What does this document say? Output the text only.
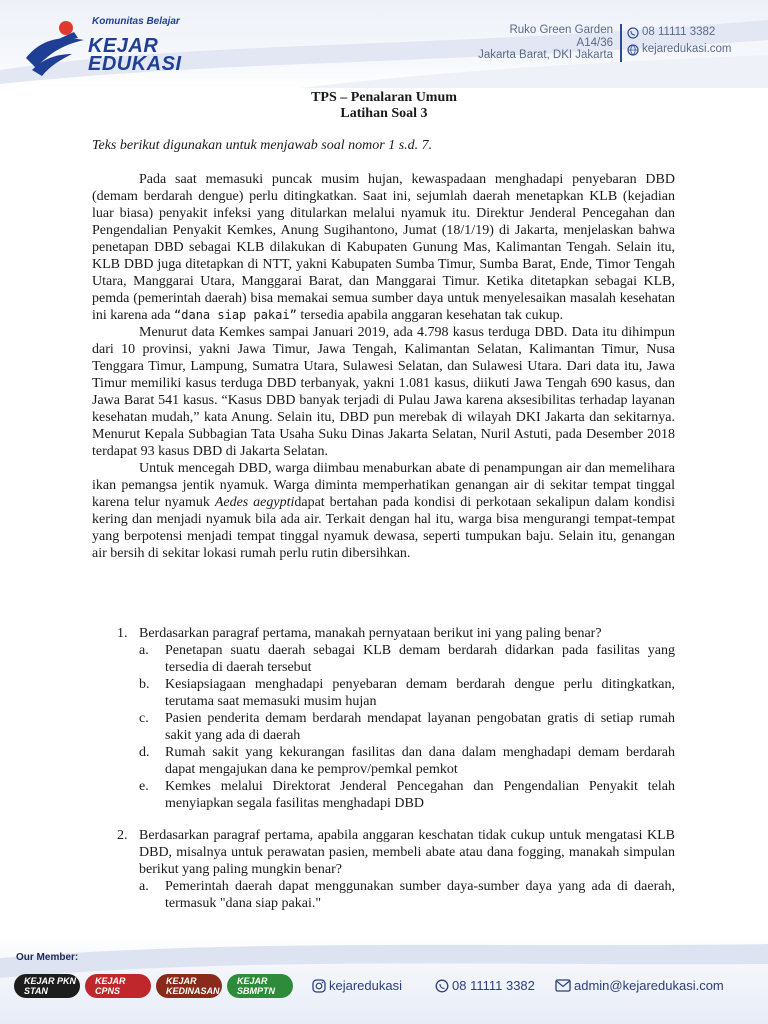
Komunitas Belajar
KEJAR
EDUKASI
Ruko Green Garden
A14/36
Jakarta Barat, DKI Jakarta
08 11111 3382
kejaredukasi.com
TPS – Penalaran Umum
Latihan Soal 3
Teks berikut digunakan untuk menjawab soal nomor 1 s.d. 7.

Pada saat memasuki puncak musim hujan, kewaspadaan menghadapi penyebaran DBD (demam berdarah dengue) perlu ditingkatkan. Saat ini, sejumlah daerah menetapkan KLB (kejadian luar biasa) penyakit infeksi yang ditularkan melalui nyamuk itu. Direktur Jenderal Pencegahan dan Pengendalian Penyakit Kemkes, Anung Sugihantono, Jumat (18/1/19) di Jakarta, menjelaskan bahwa penetapan DBD sebagai KLB dilakukan di Kabupaten Gunung Mas, Kalimantan Tengah. Selain itu, KLB DBD juga ditetapkan di NTT, yakni Kabupaten Sumba Timur, Sumba Barat, Ende, Timor Tengah Utara, Manggarai Utara, Manggarai Barat, dan Manggarai Timur. Ketika ditetapkan sebagai KLB, pemda (pemerintah daerah) bisa memakai semua sumber daya untuk menyelesaikan masalah kesehatan ini karena ada “dana siap pakai” tersedia apabila anggaran kesehatan tak cukup.

Menurut data Kemkes sampai Januari 2019, ada 4.798 kasus terduga DBD. Data itu dihimpun dari 10 provinsi, yakni Jawa Timur, Jawa Tengah, Kalimantan Selatan, Kalimantan Timur, Nusa Tenggara Timur, Lampung, Sumatra Utara, Sulawesi Selatan, dan Sulawesi Utara. Dari data itu, Jawa Timur memiliki kasus terduga DBD terbanyak, yakni 1.081 kasus, diikuti Jawa Tengah 690 kasus, dan Jawa Barat 541 kasus. “Kasus DBD banyak terjadi di Pulau Jawa karena aksesibilitas terhadap layanan kesehatan mudah,” kata Anung. Selain itu, DBD pun merebak di wilayah DKI Jakarta dan sekitarnya. Menurut Kepala Subbagian Tata Usaha Suku Dinas Jakarta Selatan, Nuril Astuti, pada Desember 2018 terdapat 93 kasus DBD di Jakarta Selatan.

Untuk mencegah DBD, warga diimbau menaburkan abate di penampungan air dan memelihara ikan pemangsa jentik nyamuk. Warga diminta memperhatikan genangan air di sekitar tempat tinggal karena telur nyamuk Aedes aegyptidapat bertahan pada kondisi di perkotaan sekalipun dalam kondisi kering dan menjadi nyamuk bila ada air. Terkait dengan hal itu, warga bisa mengurangi tempat-tempat yang berpotensi menjadi tempat tinggal nyamuk dewasa, seperti tumpukan baju. Selain itu, genangan air bersih di sekitar lokasi rumah perlu rutin dibersihkan.

1. Berdasarkan paragraf pertama, manakah pernyataan berikut ini yang paling benar?
a. Penetapan suatu daerah sebagai KLB demam berdarah didarkan pada fasilitas yang tersedia di daerah tersebut
b. Kesiapsiagaan menghadapi penyebaran demam berdarah dengue perlu ditingkatkan, terutama saat memasuki musim hujan
c. Pasien penderita demam berdarah mendapat layanan pengobatan gratis di setiap rumah sakit yang ada di daerah
d. Rumah sakit yang kekurangan fasilitas dan dana dalam menghadapi demam berdarah dapat mengajukan dana ke pemprov/pemkal pemkot
e. Kemkes melalui Direktorat Jenderal Pencegahan dan Pengendalian Penyakit telah menyiapkan segala fasilitas menghadapi DBD
2. Berdasarkan paragraf pertama, apabila anggaran keschatan tidak cukup untuk mengatasi KLB DBD, misalnya untuk perawatan pasien, membeli abate atau dana fogging, manakah simpulan berikut yang paling mungkin benar?
a. Pemerintah daerah dapat menggunakan sumber daya-sumber daya yang ada di daerah, termasuk "dana siap pakai."
Our Member:
KEJAR PKN STAN
KEJAR CPNS
KEJAR KEDINASAN
KEJAR SBMPTN	kejaredukasi	08 11111 3382	admin@kejaredukasi.com
